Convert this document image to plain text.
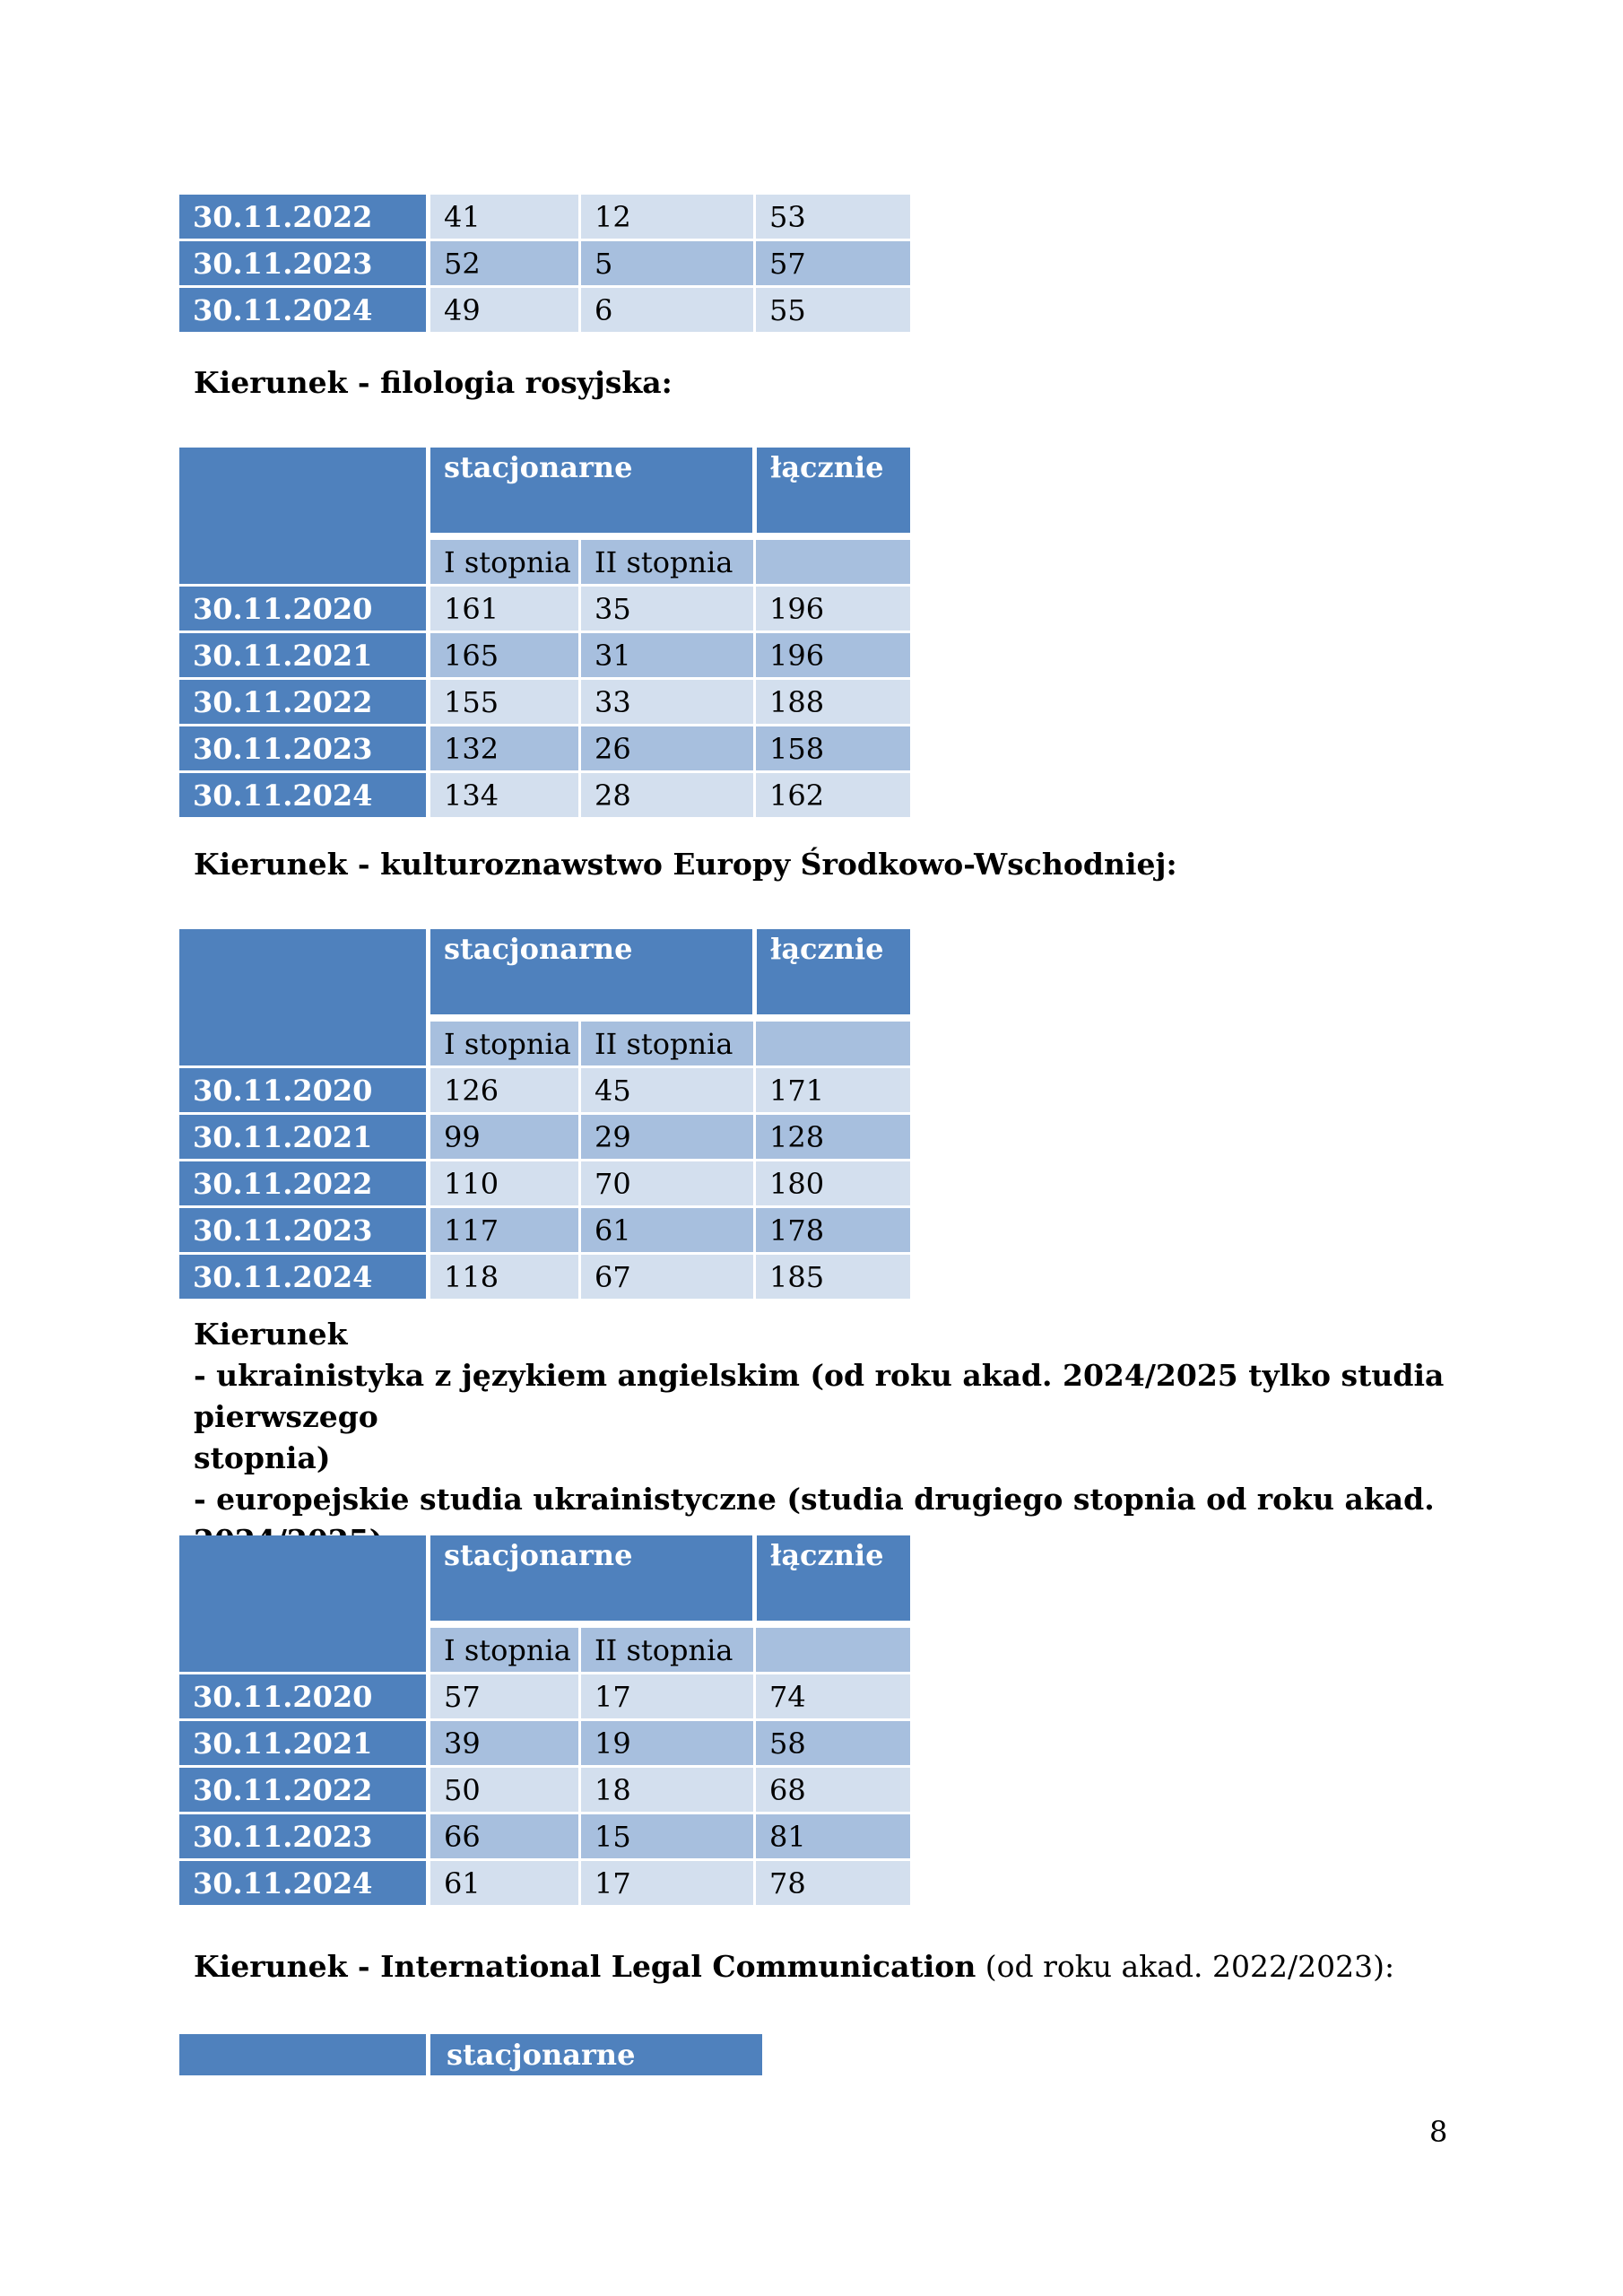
30.11.2022	41	12	53
30.11.2023	52	5	57
30.11.2024	49	6	55
Kierunek - filologia rosyjska:
	stacjonarne		łącznie
	I stopnia	II stopnia	
30.11.2020	161	35	196
30.11.2021	165	31	196
30.11.2022	155	33	188
30.11.2023	132	26	158
30.11.2024	134	28	162
Kierunek - kulturoznawstwo Europy Środkowo-Wschodniej:
	stacjonarne		łącznie
	I stopnia	II stopnia	
30.11.2020	126	45	171
30.11.2021	99	29	128
30.11.2022	110	70	180
30.11.2023	117	61	178
30.11.2024	118	67	185
Kierunek
- ukrainistyka z językiem angielskim (od roku akad. 2024/2025 tylko studia pierwszego
stopnia)
- europejskie studia ukrainistyczne (studia drugiego stopnia od roku akad.
	stacjonarne		łącznie
	I stopnia	II stopnia	
30.11.2020	57	17	74
30.11.2021	39	19	58
30.11.2022	50	18	68
30.11.2023	66	15	81
30.11.2024	61	17	78
Kierunek - International Legal Communication (od roku akad. 2022/2023):
stacjonarne
8
